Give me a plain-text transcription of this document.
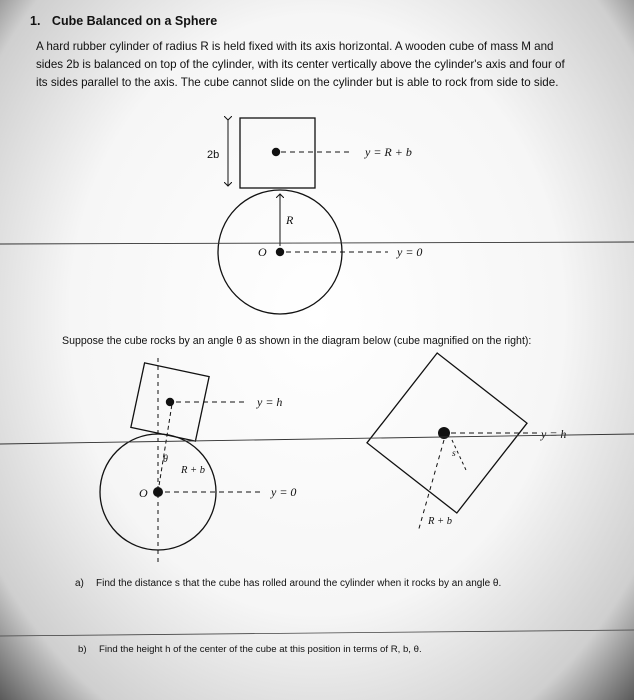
1. Cube Balanced on a Sphere
A hard rubber cylinder of radius R is held fixed with its axis horizontal. A wooden cube of mass M and
sides 2b is balanced on top of the cylinder, with its center vertically above the cylinder's axis and four of
its sides parallel to the axis. The cube cannot slide on the cylinder but is able to rock from side to side.
2b	y = R + b
R
O	y = 0
Suppose the cube rocks by an angle θ as shown in the diagram below (cube magnified on the right):
y = h
θ
R + b
O	y = 0
y = h
s
R + b
a) Find the distance s that the cube has rolled around the cylinder when it rocks by an angle θ.
b) Find the height h of the center of the cube at this position in terms of R, b, θ.
